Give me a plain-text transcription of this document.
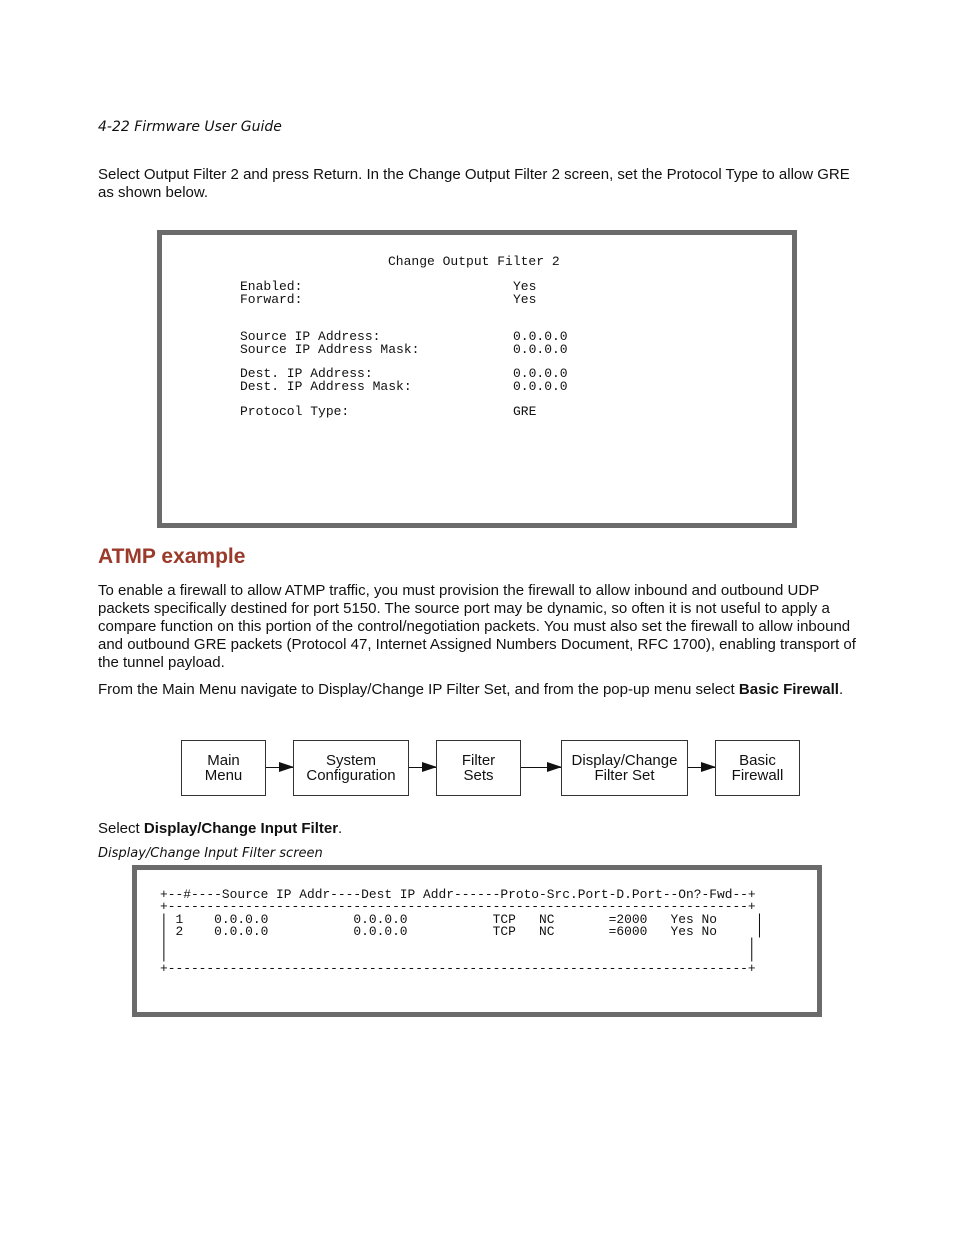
4-22 Firmware User Guide
Select Output Filter 2 and press Return. In the Change Output Filter 2 screen, set the Protocol Type to allow GRE as shown below.
Change Output Filter 2
Enabled:	Yes
Forward:	Yes
Source IP Address:	0.0.0.0
Source IP Address Mask:	0.0.0.0
Dest. IP Address:	0.0.0.0
Dest. IP Address Mask:	0.0.0.0
Protocol Type:	GRE
ATMP example
To enable a firewall to allow ATMP traffic, you must provision the firewall to allow inbound and outbound UDP packets specifically destined for port 5150. The source port may be dynamic, so often it is not useful to apply a compare function on this portion of the control/negotiation packets. You must also set the firewall to allow inbound and outbound GRE packets (Protocol 47, Internet Assigned Numbers Document, RFC 1700), enabling transport of the tunnel payload.
From the Main Menu navigate to Display/Change IP Filter Set, and from the pop-up menu select Basic Firewall.
Main
Menu
System
Configuration
Filter
Sets
Display/Change
Filter Set
Basic
Firewall
Select Display/Change Input Filter.
Display/Change Input Filter screen
+--#----Source IP Addr----Dest IP Addr------Proto-Src.Port-D.Port--On?-Fwd--+
+---------------------------------------------------------------------------+
| 1    0.0.0.0           0.0.0.0           TCP   NC       =2000   Yes No     |
| 2    0.0.0.0           0.0.0.0           TCP   NC       =6000   Yes No     |
|                                                                           |
|                                                                           |
+---------------------------------------------------------------------------+
